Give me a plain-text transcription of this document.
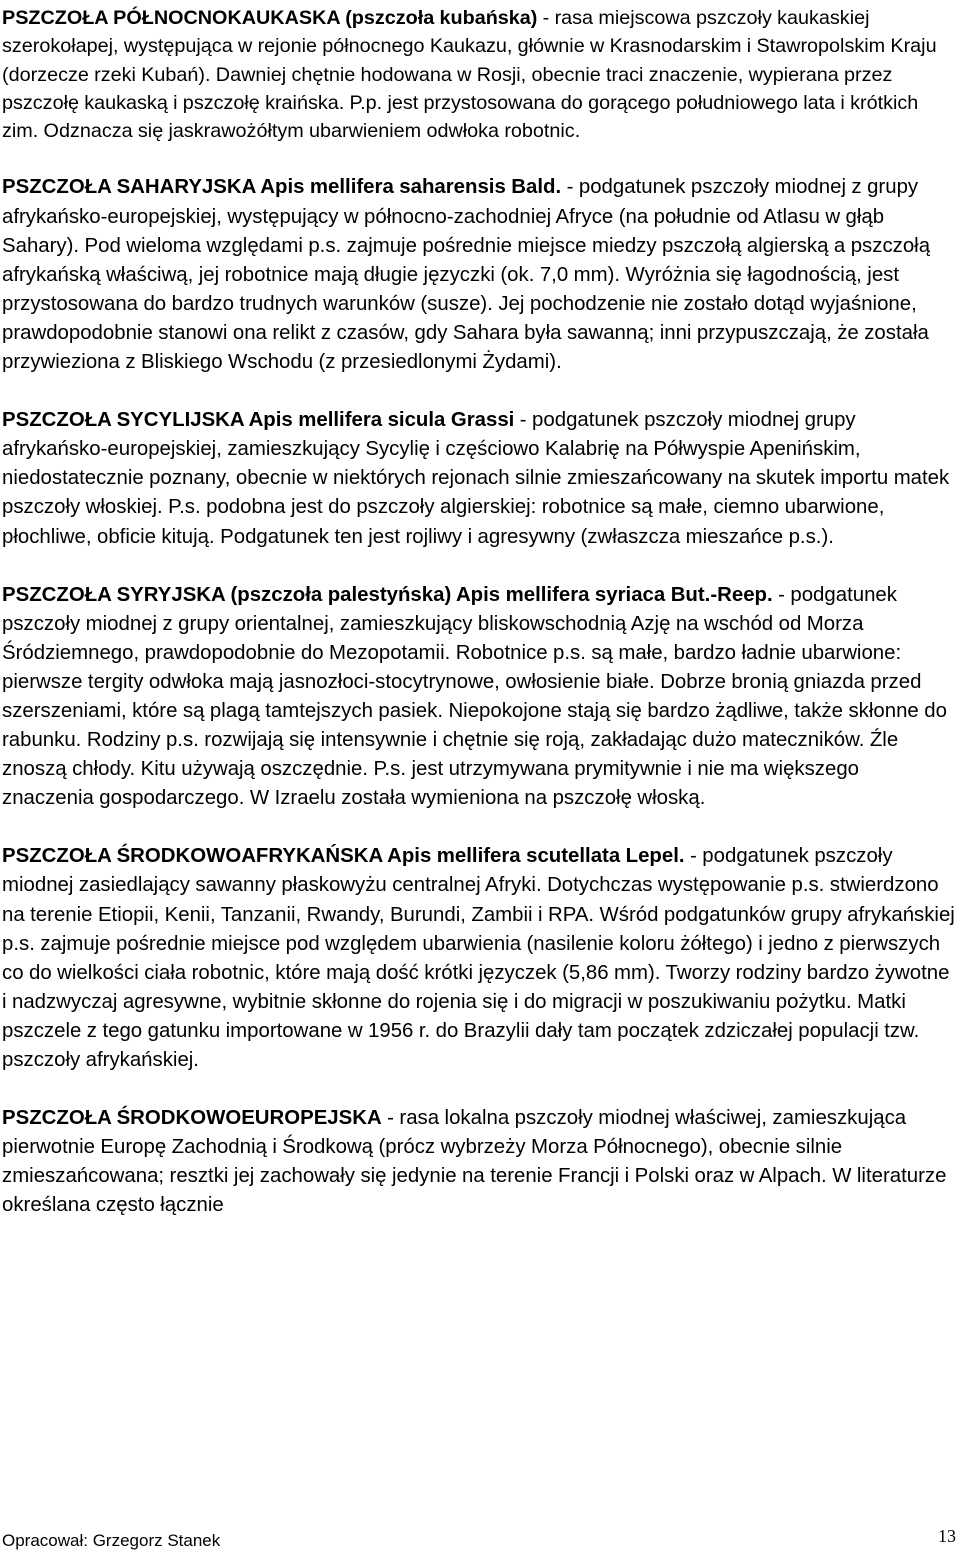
PSZCZOŁA PÓŁNOCNOKAUKASKA (pszczoła kubańska) - rasa miejscowa pszczoły kaukaskiej szerokołapej, występująca w rejonie północnego Kaukazu, głównie w Krasnodarskim i Stawropolskim Kraju (dorzecze rzeki Kubań). Dawniej chętnie hodowana w Rosji, obecnie traci znaczenie, wypierana przez pszczołę kaukaską i pszczołę kraińska. P.p. jest przystosowana do gorącego południowego lata i krótkich zim. Odznacza się jaskrawożółtym ubarwieniem odwłoka robotnic.

PSZCZOŁA SAHARYJSKA Apis mellifera saharensis Bald. - podgatunek pszczoły miodnej z grupy afrykańsko-europejskiej, występujący w północno-zachodniej Afryce (na południe od Atlasu w głąb Sahary). Pod wieloma względami p.s. zajmuje pośrednie miejsce miedzy pszczołą algierską a pszczołą afrykańską właściwą, jej robotnice mają długie języczki (ok. 7,0 mm). Wyróżnia się łagodnością, jest przystosowana do bardzo trudnych warunków (susze). Jej pochodzenie nie zostało dotąd wyjaśnione, prawdopodobnie stanowi ona relikt z czasów, gdy Sahara była sawanną; inni przypuszczają, że została przywieziona z Bliskiego Wschodu (z przesiedlonymi Żydami).

PSZCZOŁA SYCYLIJSKA Apis mellifera sicula Grassi - podgatunek pszczoły miodnej grupy afrykańsko-europejskiej, zamieszkujący Sycylię i częściowo Kalabrię na Półwyspie Apenińskim, niedostatecznie poznany, obecnie w niektórych rejonach silnie zmieszańcowany na skutek importu matek pszczoły włoskiej. P.s. podobna jest do pszczoły algierskiej: robotnice są małe, ciemno ubarwione, płochliwe, obficie kitują. Podgatunek ten jest rojliwy i agresywny (zwłaszcza mieszańce p.s.).

PSZCZOŁA SYRYJSKA (pszczoła palestyńska) Apis mellifera syriaca But.-Reep. - podgatunek pszczoły miodnej z grupy orientalnej, zamieszkujący bliskowschodnią Azję na wschód od Morza Śródziemnego, prawdopodobnie do Mezopotamii. Robotnice p.s. są małe, bardzo ładnie ubarwione: pierwsze tergity odwłoka mają jasnozłoci-stocytrynowe, owłosienie białe. Dobrze bronią gniazda przed szerszeniami, które są plagą tamtejszych pasiek. Niepokojone stają się bardzo żądliwe, także skłonne do rabunku. Rodziny p.s. rozwijają się intensywnie i chętnie się roją, zakładając dużo mateczników. Źle znoszą chłody. Kitu używają oszczędnie. P.s. jest utrzymywana prymitywnie i nie ma większego znaczenia gospodarczego. W Izraelu została wymieniona na pszczołę włoską.

PSZCZOŁA ŚRODKOWOAFRYKAŃSKA Apis mellifera scutellata Lepel. - podgatunek pszczoły miodnej zasiedlający sawanny płaskowyżu centralnej Afryki. Dotychczas występowanie p.s. stwierdzono na terenie Etiopii, Kenii, Tanzanii, Rwandy, Burundi, Zambii i RPA. Wśród podgatunków grupy afrykańskiej p.s. zajmuje pośrednie miejsce pod względem ubarwienia (nasilenie koloru żółtego) i jedno z pierwszych co do wielkości ciała robotnic, które mają dość krótki języczek (5,86 mm). Tworzy rodziny bardzo żywotne i nadzwyczaj agresywne, wybitnie skłonne do rojenia się i do migracji w poszukiwaniu pożytku. Matki pszczele z tego gatunku importowane w 1956 r. do Brazylii dały tam początek zdziczałej populacji tzw. pszczoły afrykańskiej.

PSZCZOŁA ŚRODKOWOEUROPEJSKA - rasa lokalna pszczoły miodnej właściwej, zamieszkująca pierwotnie Europę Zachodnią i Środkową (prócz wybrzeży Morza Północnego), obecnie silnie zmieszańcowana; resztki jej zachowały się jedynie na terenie Francji i Polski oraz w Alpach. W literaturze określana często łącznie

Opracował: Grzegorz Stanek	13
